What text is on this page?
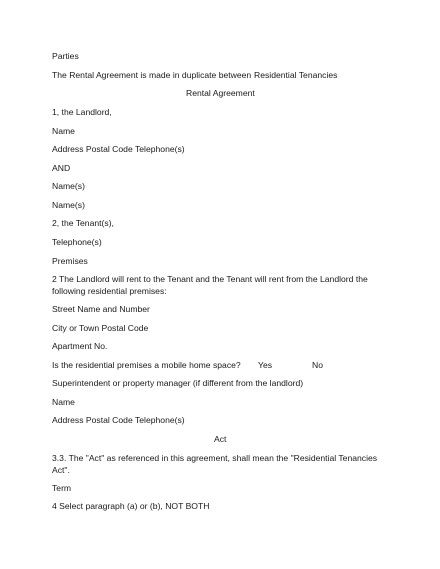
Parties
The Rental Agreement is made in duplicate between Residential Tenancies
Rental Agreement
1, the Landlord,
Name
Address Postal Code Telephone(s)
AND
Name(s)
Name(s)
2, the Tenant(s),
Telephone(s)
Premises
2 The Landlord will rent to the Tenant and the Tenant will rent from the Landlord the following residential premises:
Street Name and Number
City or Town Postal Code
Apartment No.
Is the residential premises a mobile home space? Yes	No
Superintendent or property manager (if different from the landlord)
Name
Address Postal Code Telephone(s)
Act
3.3. The "Act" as referenced in this agreement, shall mean the "Residential Tenancies Act".
Term
4 Select paragraph (a) or (b), NOT BOTH
